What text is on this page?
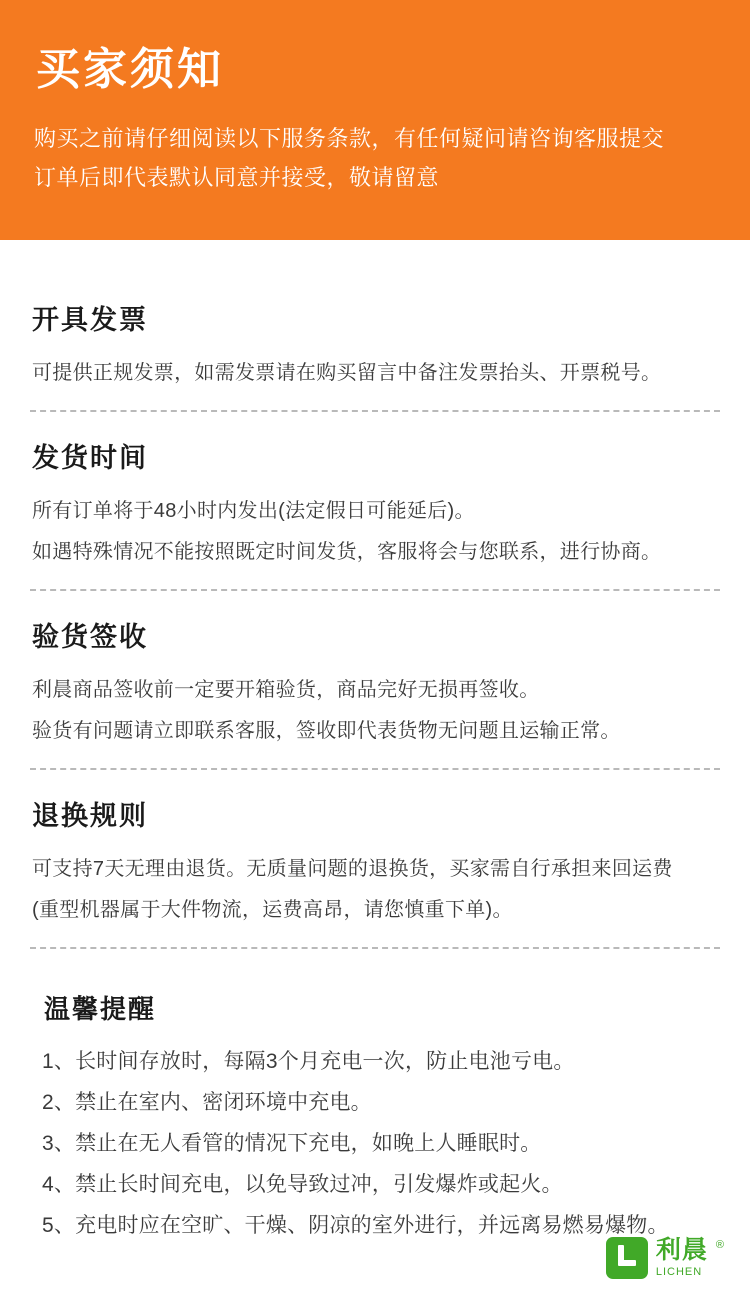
买家须知

购买之前请仔细阅读以下服务条款，有任何疑问请咨询客服提交订单后即代表默认同意并接受，敬请留意

开具发票

可提供正规发票，如需发票请在购买留言中备注发票抬头、开票税号。

发货时间

所有订单将于48小时内发出(法定假日可能延后)。

如遇特殊情况不能按照既定时间发货，客服将会与您联系，进行协商。

验货签收

利晨商品签收前一定要开箱验货，商品完好无损再签收。

验货有问题请立即联系客服，签收即代表货物无问题且运输正常。

退换规则

可支持7天无理由退货。无质量问题的退换货，买家需自行承担来回运费

(重型机器属于大件物流，运费高昂，请您慎重下单)。

温馨提醒

1、长时间存放时，每隔3个月充电一次，防止电池亏电。

2、禁止在室内、密闭环境中充电。

3、禁止在无人看管的情况下充电，如晚上人睡眠时。

4、禁止长时间充电，以免导致过冲，引发爆炸或起火。

5、充电时应在空旷、干燥、阴凉的室外进行，并远离易燃易爆物。

利晨
LICHEN
®
